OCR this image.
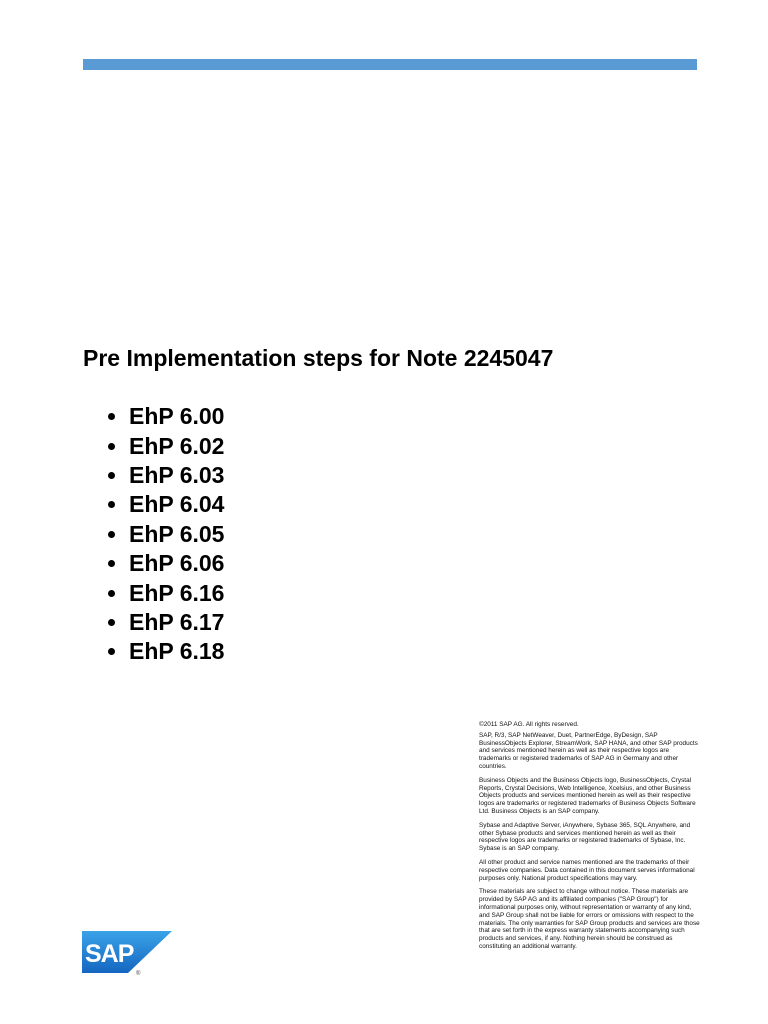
Pre Implementation steps for Note 2245047
EhP 6.00
EhP 6.02
EhP 6.03
EhP 6.04
EhP 6.05
EhP 6.06
EhP 6.16
EhP 6.17
EhP 6.18

©2011 SAP AG. All rights reserved.

SAP, R/3, SAP NetWeaver, Duet, PartnerEdge, ByDesign, SAP BusinessObjects Explorer, StreamWork, SAP HANA, and other SAP products and services mentioned herein as well as their respective logos are trademarks or registered trademarks of SAP AG in Germany and other countries.

Business Objects and the Business Objects logo, BusinessObjects, Crystal Reports, Crystal Decisions, Web Intelligence, Xcelsius, and other Business Objects products and services mentioned herein as well as their respective logos are trademarks or registered trademarks of Business Objects Software Ltd. Business Objects is an SAP company.

Sybase and Adaptive Server, iAnywhere, Sybase 365, SQL Anywhere, and other Sybase products and services mentioned herein as well as their respective logos are trademarks or registered trademarks of Sybase, Inc. Sybase is an SAP company.

All other product and service names mentioned are the trademarks of their respective companies. Data contained in this document serves informational purposes only. National product specifications may vary.

These materials are subject to change without notice. These materials are provided by SAP AG and its affiliated companies ("SAP Group") for informational purposes only, without representation or warranty of any kind, and SAP Group shall not be liable for errors or omissions with respect to the materials. The only warranties for SAP Group products and services are those that are set forth in the express warranty statements accompanying such products and services, if any. Nothing herein should be construed as constituting an additional warranty.

SAP
®
